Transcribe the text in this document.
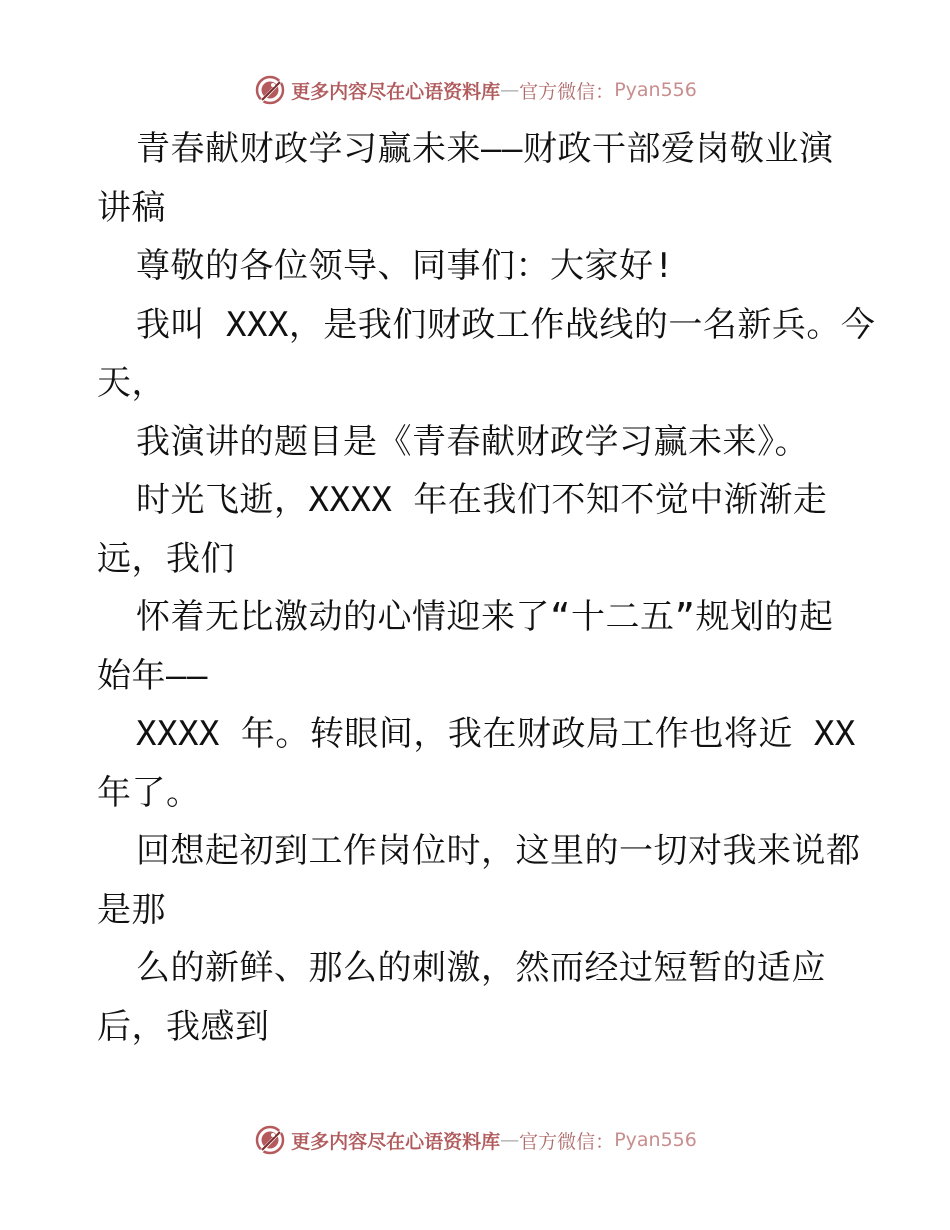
更多内容尽在心语资料库 — 官方微信： Pyan556
青春献财政学习赢未来——财政干部爱岗敬业演
讲稿
尊敬的各位领导、同事们：大家好!
我叫 XXX，是我们财政工作战线的一名新兵。今
天，
我演讲的题目是《青春献财政学习赢未来》。
时光飞逝，XXXX 年在我们不知不觉中渐渐走
远，我们
怀着无比激动的心情迎来了“十二五”规划的起
始年——
XXXX 年。转眼间，我在财政局工作也将近 XX
年了。
回想起初到工作岗位时，这里的一切对我来说都
是那
么的新鲜、那么的刺激，然而经过短暂的适应
后，我感到
更多内容尽在心语资料库 — 官方微信： Pyan556
